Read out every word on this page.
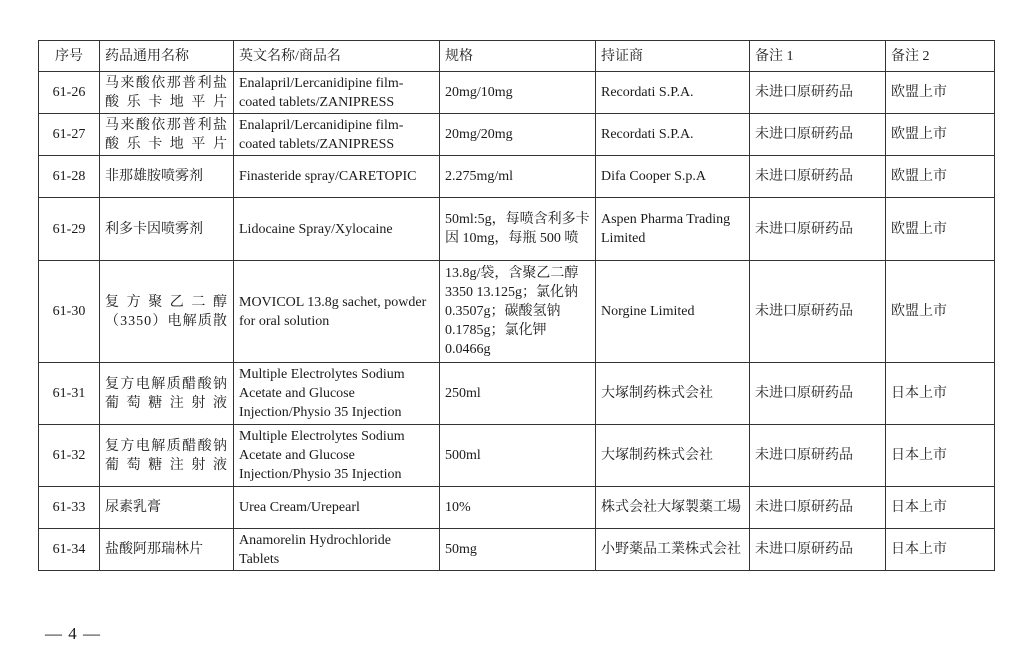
序号	药品通用名称	英文名称/商品名	规格	持证商	备注 1	备注 2
61-26	马来酸依那普利盐酸乐卡地平片	Enalapril/Lercanidipine film-coated tablets/ZANIPRESS	20mg/10mg	Recordati S.P.A.	未进口原研药品	欧盟上市
61-27	马来酸依那普利盐酸乐卡地平片	Enalapril/Lercanidipine film-coated tablets/ZANIPRESS	20mg/20mg	Recordati S.P.A.	未进口原研药品	欧盟上市
61-28	非那雄胺喷雾剂	Finasteride spray/CARETOPIC	2.275mg/ml	Difa Cooper S.p.A	未进口原研药品	欧盟上市
61-29	利多卡因喷雾剂	Lidocaine Spray/Xylocaine	50ml:5g，每喷含利多卡因 10mg，每瓶 500 喷	Aspen Pharma Trading Limited	未进口原研药品	欧盟上市
61-30	复方聚乙二醇（3350）电解质散	MOVICOL 13.8g sachet, powder for oral solution	13.8g/袋，含聚乙二醇 3350 13.125g；氯化钠 0.3507g；碳酸氢钠 0.1785g；氯化钾 0.0466g	Norgine Limited	未进口原研药品	欧盟上市
61-31	复方电解质醋酸钠葡萄糖注射液	Multiple Electrolytes Sodium Acetate and Glucose Injection/Physio 35 Injection	250ml	大塚制药株式会社	未进口原研药品	日本上市
61-32	复方电解质醋酸钠葡萄糖注射液	Multiple Electrolytes Sodium Acetate and Glucose Injection/Physio 35 Injection	500ml	大塚制药株式会社	未进口原研药品	日本上市
61-33	尿素乳膏	Urea Cream/Urepearl	10%	株式会社大塚製薬工場	未进口原研药品	日本上市
61-34	盐酸阿那瑞林片	Anamorelin Hydrochloride Tablets	50mg	小野薬品工業株式会社	未进口原研药品	日本上市
— 4 —
